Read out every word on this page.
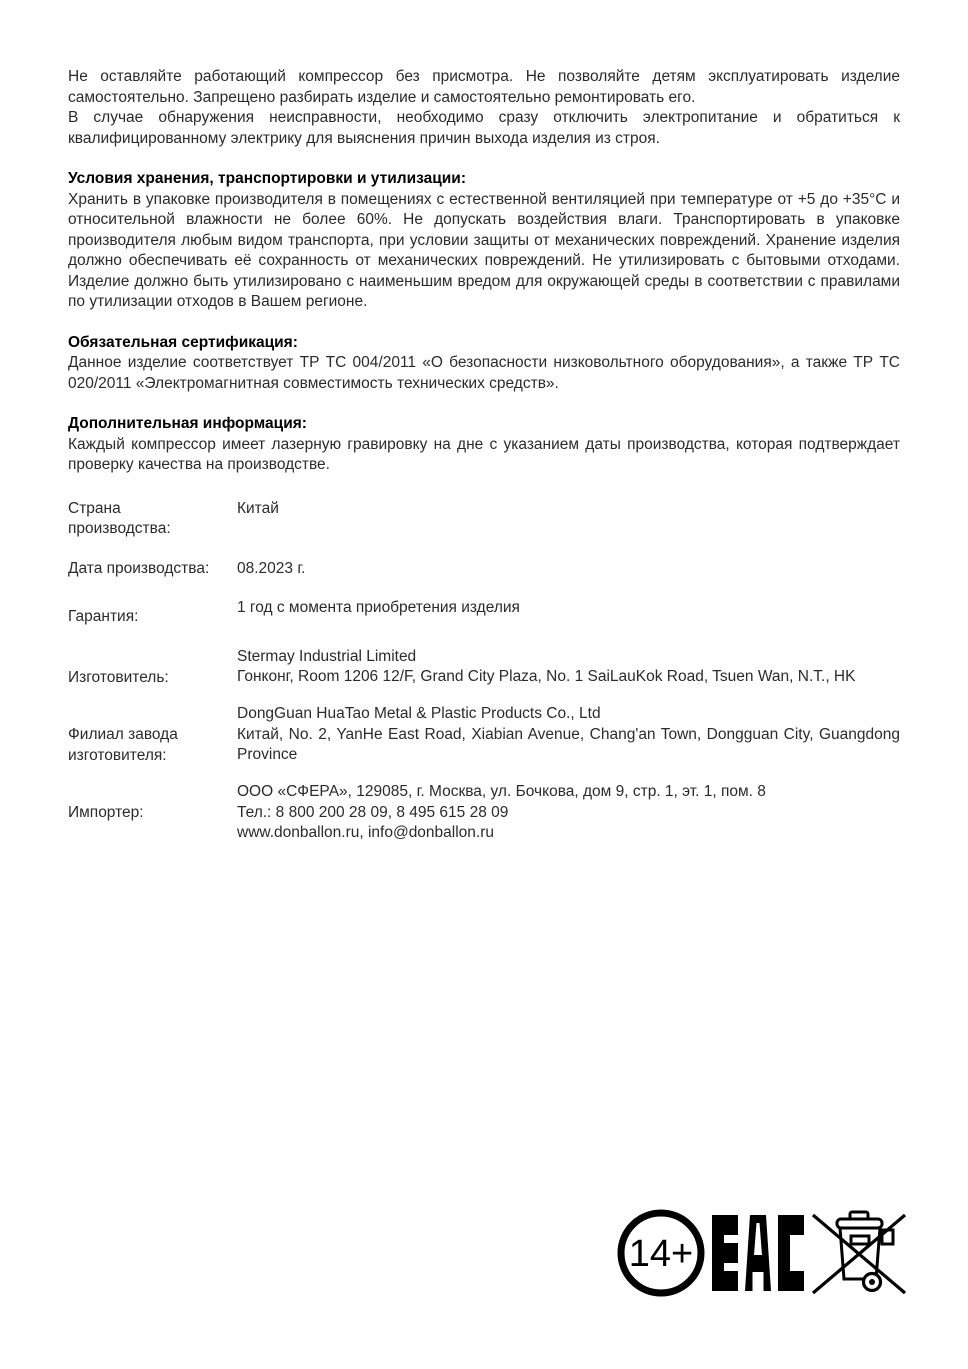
Не оставляйте работающий компрессор без присмотра. Не позволяйте детям эксплуатировать изделие самостоятельно. Запрещено разбирать изделие и самостоятельно ремонтировать его.

В случае обнаружения неисправности, необходимо сразу отключить электропитание и обратиться к квалифицированному электрику для выяснения причин выхода изделия из строя.

Условия хранения, транспортировки и утилизации:

Хранить в упаковке производителя в помещениях с естественной вентиляцией при температуре от +5 до +35°С и относительной влажности не более 60%. Не допускать воздействия влаги. Транспортировать в упаковке производителя любым видом транспорта, при условии защиты от механических повреждений. Хранение изделия должно обеспечивать её сохранность от механических повреждений. Не утилизировать с бытовыми отходами. Изделие должно быть утилизировано с наименьшим вредом для окружающей среды в соответствии с правилами по утилизации отходов в Вашем регионе.

Обязательная сертификация:

Данное изделие соответствует ТР ТС 004/2011 «О безопасности низковольтного оборудования», а также ТР ТС 020/2011 «Электромагнитная совместимость технических средств».

Дополнительная информация:

Каждый компрессор имеет лазерную гравировку на дне с указанием даты производства, которая подтверждает проверку качества на производстве.

Страна производства:
Китай
Дата производства:	08.2023 г.
Гарантия:
1 год с момента приобретения изделия
Изготовитель:
Stermay Industrial Limited
Гонконг, Room 1206 12/F, Grand City Plaza, No. 1 SaiLauKok Road, Tsuen Wan, N.T., HK
Филиал завода изготовителя:
DongGuan HuaTao Metal & Plastic Products Co., Ltd
Китай, No. 2, YanHe East Road, Xiabian Avenue, Chang'an Town, Dongguan City, Guangdong Province
Импортер:
ООО «СФЕРА», 129085, г. Москва, ул. Бочкова, дом 9, стр. 1, эт. 1, пом. 8
Тел.: 8 800 200 28 09, 8 495 615 28 09
www.donballon.ru, info@donballon.ru
14+
